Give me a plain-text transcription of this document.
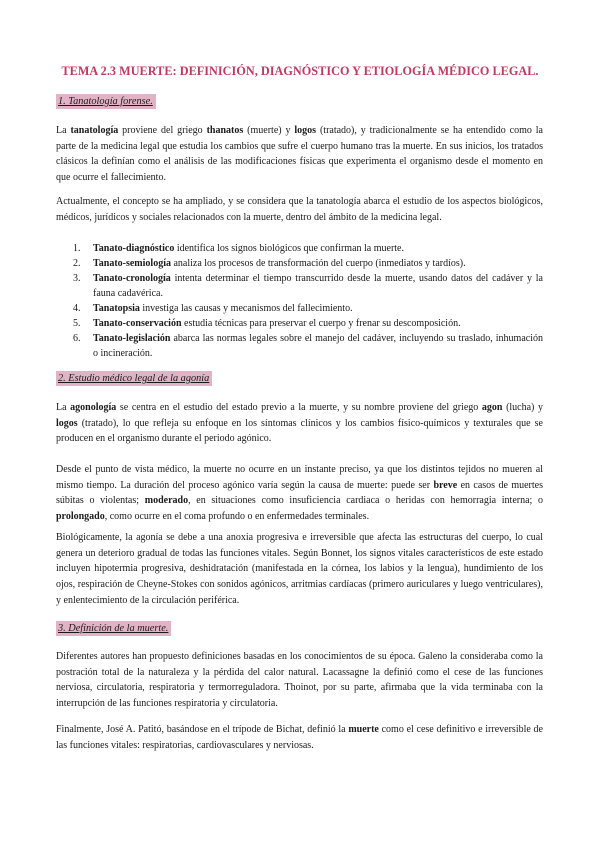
TEMA 2.3 MUERTE: DEFINICIÓN, DIAGNÓSTICO Y ETIOLOGÍA MÉDICO LEGAL.
1. Tanatología forense.

La tanatología proviene del griego thanatos (muerte) y logos (tratado), y tradicionalmente se ha entendido como la parte de la medicina legal que estudia los cambios que sufre el cuerpo humano tras la muerte. En sus inicios, los tratados clásicos la definían como el análisis de las modificaciones físicas que experimenta el organismo desde el momento en que ocurre el fallecimiento.

Actualmente, el concepto se ha ampliado, y se considera que la tanatología abarca el estudio de los aspectos biológicos, médicos, jurídicos y sociales relacionados con la muerte, dentro del ámbito de la medicina legal.

1. Tanato-diagnóstico identifica los signos biológicos que confirman la muerte.
2. Tanato-semiología analiza los procesos de transformación del cuerpo (inmediatos y tardíos).
3. Tanato-cronología intenta determinar el tiempo transcurrido desde la muerte, usando datos del cadáver y la fauna cadavérica.
4. Tanatopsia investiga las causas y mecanismos del fallecimiento.
5. Tanato-conservación estudia técnicas para preservar el cuerpo y frenar su descomposición.
6. Tanato-legislación abarca las normas legales sobre el manejo del cadáver, incluyendo su traslado, inhumación o incineración.
2. Estudio médico legal de la agonía

La agonología se centra en el estudio del estado previo a la muerte, y su nombre proviene del griego agon (lucha) y logos (tratado), lo que refleja su enfoque en los síntomas clínicos y los cambios físico-químicos y texturales que se producen en el organismo durante el periodo agónico.

Desde el punto de vista médico, la muerte no ocurre en un instante preciso, ya que los distintos tejidos no mueren al mismo tiempo. La duración del proceso agónico varía según la causa de muerte: puede ser breve en casos de muertes súbitas o violentas; moderado, en situaciones como insuficiencia cardiaca o heridas con hemorragia interna; o prolongado, como ocurre en el coma profundo o en enfermedades terminales.

Biológicamente, la agonía se debe a una anoxia progresiva e irreversible que afecta las estructuras del cuerpo, lo cual genera un deterioro gradual de todas las funciones vitales. Según Bonnet, los signos vitales característicos de este estado incluyen hipotermia progresiva, deshidratación (manifestada en la córnea, los labios y la lengua), hundimiento de los ojos, respiración de Cheyne-Stokes con sonidos agónicos, arritmias cardíacas (primero auriculares y luego ventriculares), y enlentecimiento de la circulación periférica.

3. Definición de la muerte.

Diferentes autores han propuesto definiciones basadas en los conocimientos de su época. Galeno la consideraba como la postración total de la naturaleza y la pérdida del calor natural. Lacassagne la definió como el cese de las funciones nerviosa, circulatoria, respiratoria y termorreguladora. Thoinot, por su parte, afirmaba que la vida terminaba con la interrupción de las funciones respiratoria y circulatoria.

Finalmente, José A. Patitó, basándose en el trípode de Bichat, definió la muerte como el cese definitivo e irreversible de las funciones vitales: respiratorias, cardiovasculares y nerviosas.
